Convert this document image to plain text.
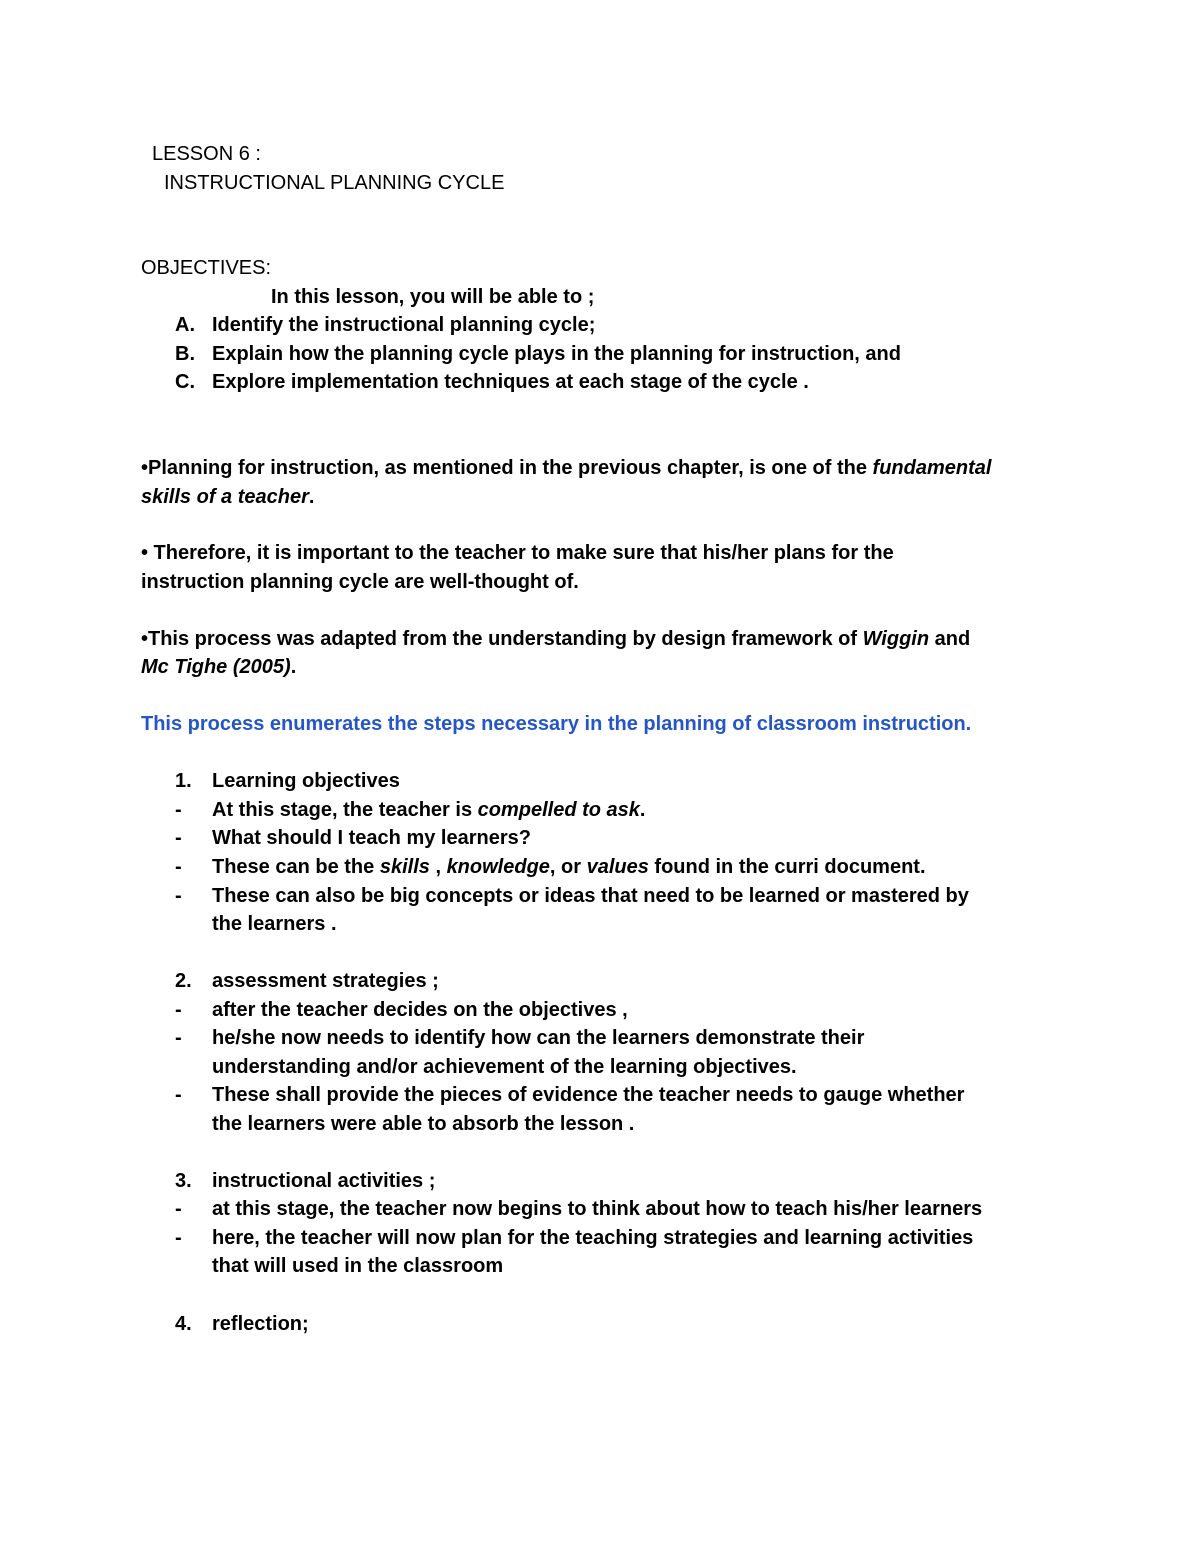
LESSON 6 :
INSTRUCTIONAL PLANNING CYCLE
OBJECTIVES:
In this lesson, you will be able to ;
A. Identify the instructional planning cycle;
B. Explain how the planning cycle plays in the planning for instruction, and
C. Explore implementation techniques at each stage of the cycle .
•Planning for instruction, as mentioned in the previous chapter, is one of the fundamental
skills of a teacher.
• Therefore, it is important to the teacher to make sure that his/her plans for the
instruction planning cycle are well-thought of.
•This process was adapted from the understanding by design framework of Wiggin and
Mc Tighe (2005).
This process enumerates the steps necessary in the planning of classroom instruction.
1. Learning objectives
- At this stage, the teacher is compelled to ask.
- What should I teach my learners?
- These can be the skills , knowledge, or values found in the curri document.
- These can also be big concepts or ideas that need to be learned or mastered by
the learners .
2. assessment strategies ;
- after the teacher decides on the objectives ,
- he/she now needs to identify how can the learners demonstrate their
understanding and/or achievement of the learning objectives.
- These shall provide the pieces of evidence the teacher needs to gauge whether
the learners were able to absorb the lesson .
3. instructional activities ;
- at this stage, the teacher now begins to think about how to teach his/her learners
- here, the teacher will now plan for the teaching strategies and learning activities
that will used in the classroom
4. reflection;
